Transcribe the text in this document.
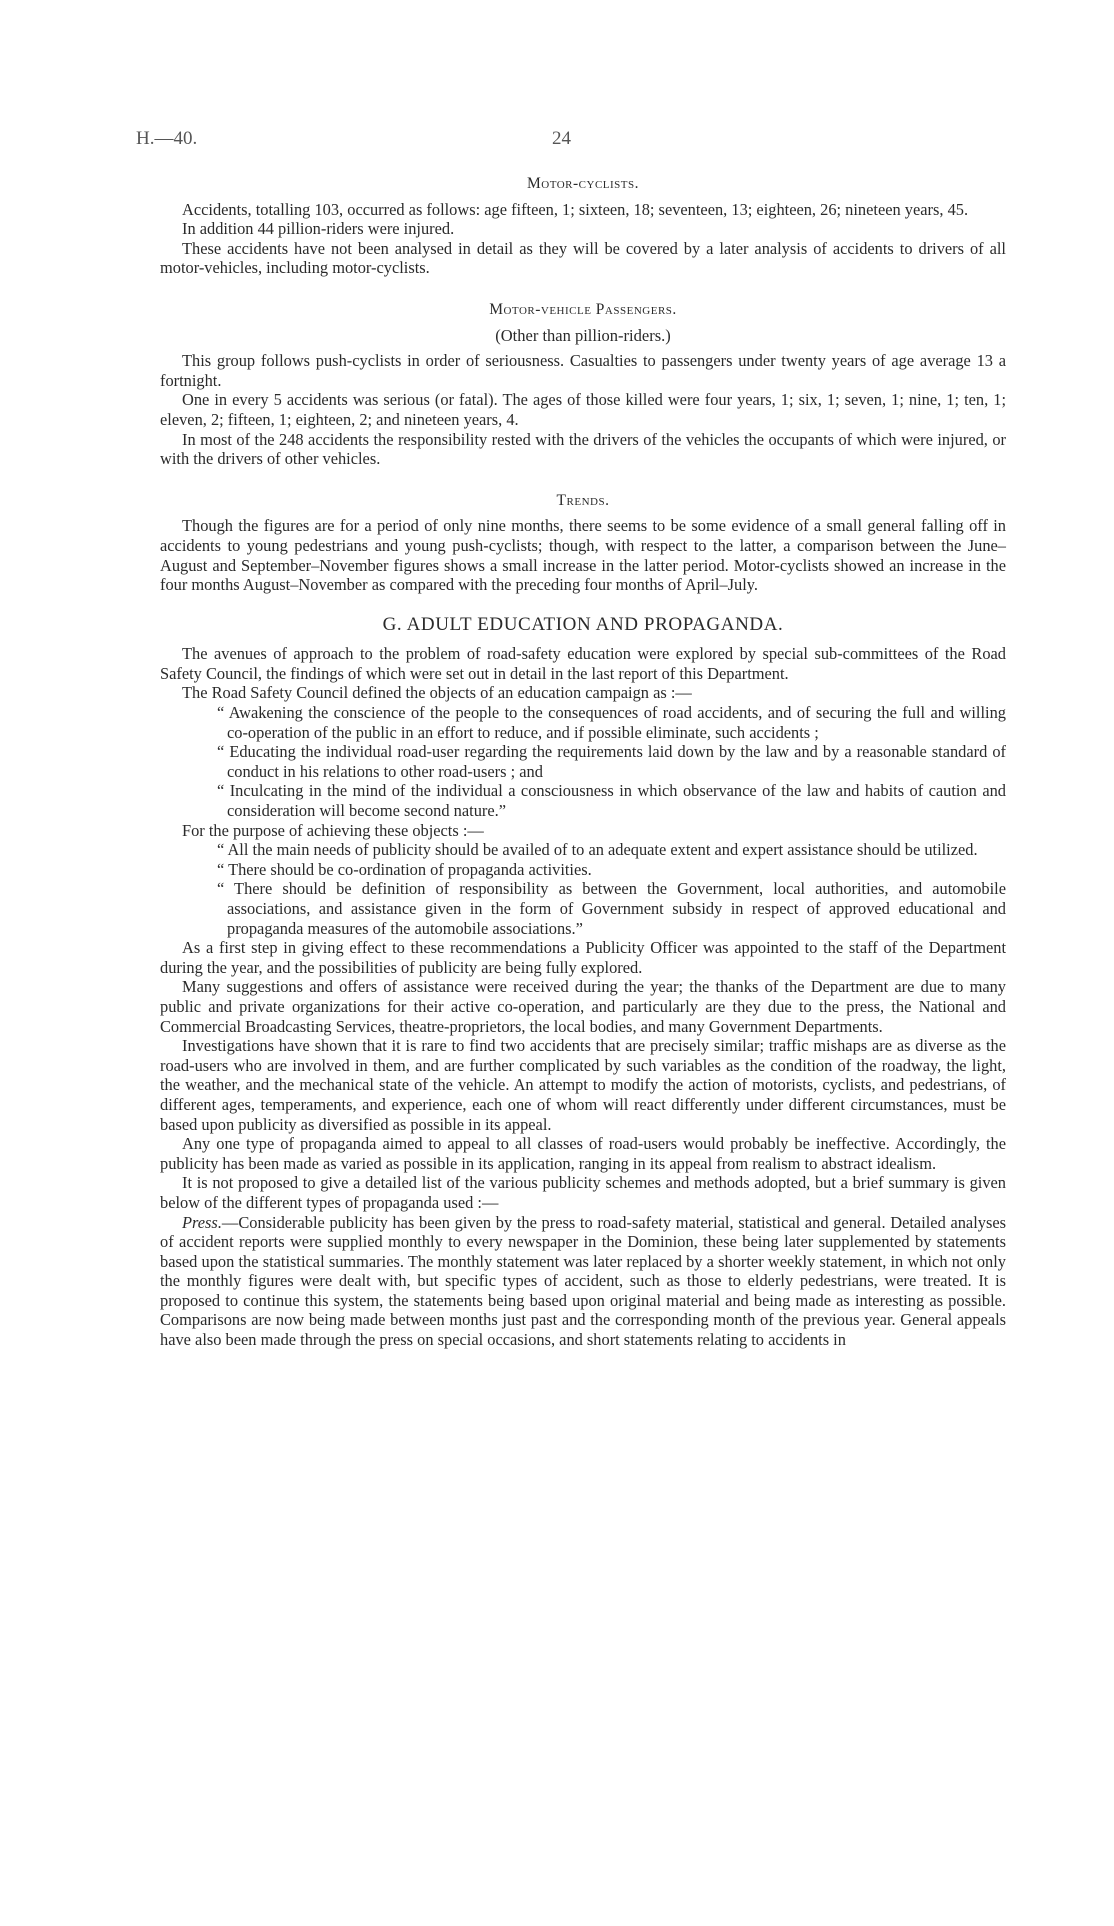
H.—40.	24
Motor-cyclists.

Accidents, totalling 103, occurred as follows: age fifteen, 1; sixteen, 18; seventeen, 13; eighteen, 26; nineteen years, 45.

In addition 44 pillion-riders were injured.

These accidents have not been analysed in detail as they will be covered by a later analysis of accidents to drivers of all motor-vehicles, including motor-cyclists.

Motor-vehicle Passengers.
(Other than pillion-riders.)

This group follows push-cyclists in order of seriousness. Casualties to passengers under twenty years of age average 13 a fortnight.

One in every 5 accidents was serious (or fatal). The ages of those killed were four years, 1; six, 1; seven, 1; nine, 1; ten, 1; eleven, 2; fifteen, 1; eighteen, 2; and nineteen years, 4.

In most of the 248 accidents the responsibility rested with the drivers of the vehicles the occupants of which were injured, or with the drivers of other vehicles.

Trends.

Though the figures are for a period of only nine months, there seems to be some evidence of a small general falling off in accidents to young pedestrians and young push-cyclists; though, with respect to the latter, a comparison between the June–August and September–November figures shows a small increase in the latter period. Motor-cyclists showed an increase in the four months August–November as compared with the preceding four months of April–July.

G. ADULT EDUCATION AND PROPAGANDA.

The avenues of approach to the problem of road-safety education were explored by special sub-committees of the Road Safety Council, the findings of which were set out in detail in the last report of this Department.

The Road Safety Council defined the objects of an education campaign as :—

“ Awakening the conscience of the people to the consequences of road accidents, and of securing the full and willing co-operation of the public in an effort to reduce, and if possible eliminate, such accidents ;
“ Educating the individual road-user regarding the requirements laid down by the law and by a reasonable standard of conduct in his relations to other road-users ; and
“ Inculcating in the mind of the individual a consciousness in which observance of the law and habits of caution and consideration will become second nature.”

For the purpose of achieving these objects :—

“ All the main needs of publicity should be availed of to an adequate extent and expert assistance should be utilized.
“ There should be co-ordination of propaganda activities.
“ There should be definition of responsibility as between the Government, local authorities, and automobile associations, and assistance given in the form of Government subsidy in respect of approved educational and propaganda measures of the automobile associations.”

As a first step in giving effect to these recommendations a Publicity Officer was appointed to the staff of the Department during the year, and the possibilities of publicity are being fully explored.

Many suggestions and offers of assistance were received during the year; the thanks of the Department are due to many public and private organizations for their active co-operation, and particularly are they due to the press, the National and Commercial Broadcasting Services, theatre-proprietors, the local bodies, and many Government Departments.

Investigations have shown that it is rare to find two accidents that are precisely similar; traffic mishaps are as diverse as the road-users who are involved in them, and are further complicated by such variables as the condition of the roadway, the light, the weather, and the mechanical state of the vehicle. An attempt to modify the action of motorists, cyclists, and pedestrians, of different ages, temperaments, and experience, each one of whom will react differently under different circumstances, must be based upon publicity as diversified as possible in its appeal.

Any one type of propaganda aimed to appeal to all classes of road-users would probably be ineffective. Accordingly, the publicity has been made as varied as possible in its application, ranging in its appeal from realism to abstract idealism.

It is not proposed to give a detailed list of the various publicity schemes and methods adopted, but a brief summary is given below of the different types of propaganda used :—

Press.—Considerable publicity has been given by the press to road-safety material, statistical and general. Detailed analyses of accident reports were supplied monthly to every newspaper in the Dominion, these being later supplemented by statements based upon the statistical summaries. The monthly statement was later replaced by a shorter weekly statement, in which not only the monthly figures were dealt with, but specific types of accident, such as those to elderly pedestrians, were treated. It is proposed to continue this system, the statements being based upon original material and being made as interesting as possible. Comparisons are now being made between months just past and the corresponding month of the previous year. General appeals have also been made through the press on special occasions, and short statements relating to accidents in
